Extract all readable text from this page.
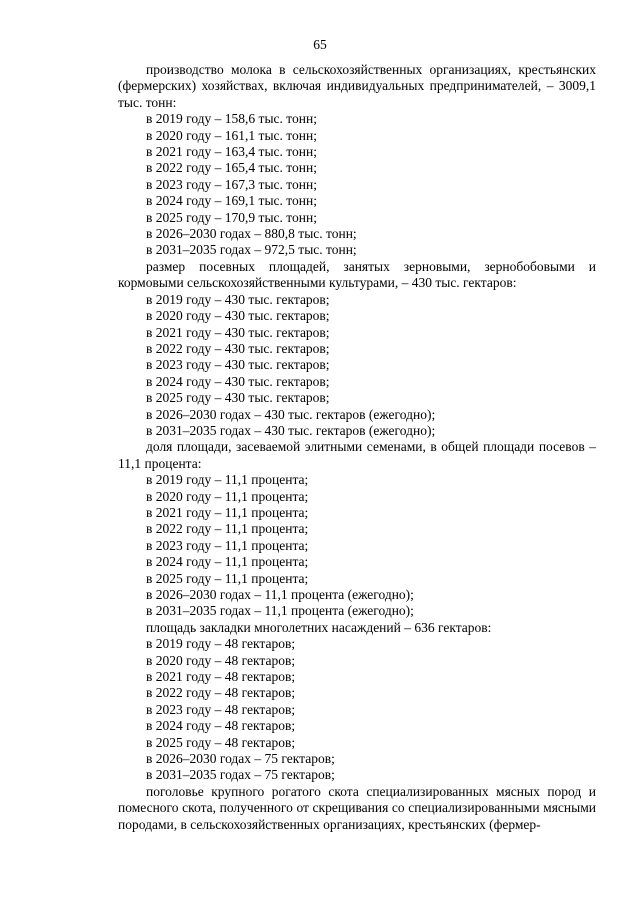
65

производство молока в сельскохозяйственных организациях, крестьянских (фермерских) хозяйствах, включая индивидуальных предпринимателей, – 3009,1 тыс. тонн:

в 2019 году – 158,6 тыс. тонн;

в 2020 году – 161,1 тыс. тонн;

в 2021 году – 163,4 тыс. тонн;

в 2022 году – 165,4 тыс. тонн;

в 2023 году – 167,3 тыс. тонн;

в 2024 году – 169,1 тыс. тонн;

в 2025 году – 170,9 тыс. тонн;

в 2026–2030 годах – 880,8 тыс. тонн;

в 2031–2035 годах – 972,5 тыс. тонн;

размер посевных площадей, занятых зерновыми, зернобобовыми и кормовыми сельскохозяйственными культурами, – 430 тыс. гектаров:

в 2019 году – 430 тыс. гектаров;

в 2020 году – 430 тыс. гектаров;

в 2021 году – 430 тыс. гектаров;

в 2022 году – 430 тыс. гектаров;

в 2023 году – 430 тыс. гектаров;

в 2024 году – 430 тыс. гектаров;

в 2025 году – 430 тыс. гектаров;

в 2026–2030 годах – 430 тыс. гектаров (ежегодно);

в 2031–2035 годах – 430 тыс. гектаров (ежегодно);

доля площади, засеваемой элитными семенами, в общей площади посевов – 11,1 процента:

в 2019 году – 11,1 процента;

в 2020 году – 11,1 процента;

в 2021 году – 11,1 процента;

в 2022 году – 11,1 процента;

в 2023 году – 11,1 процента;

в 2024 году – 11,1 процента;

в 2025 году – 11,1 процента;

в 2026–2030 годах – 11,1 процента (ежегодно);

в 2031–2035 годах – 11,1 процента (ежегодно);

площадь закладки многолетних насаждений – 636 гектаров:

в 2019 году – 48 гектаров;

в 2020 году – 48 гектаров;

в 2021 году – 48 гектаров;

в 2022 году – 48 гектаров;

в 2023 году – 48 гектаров;

в 2024 году – 48 гектаров;

в 2025 году – 48 гектаров;

в 2026–2030 годах – 75 гектаров;

в 2031–2035 годах – 75 гектаров;

поголовье крупного рогатого скота специализированных мясных пород и помесного скота, полученного от скрещивания со специализированными мясными породами, в сельскохозяйственных организациях, крестьянских (фермер-
